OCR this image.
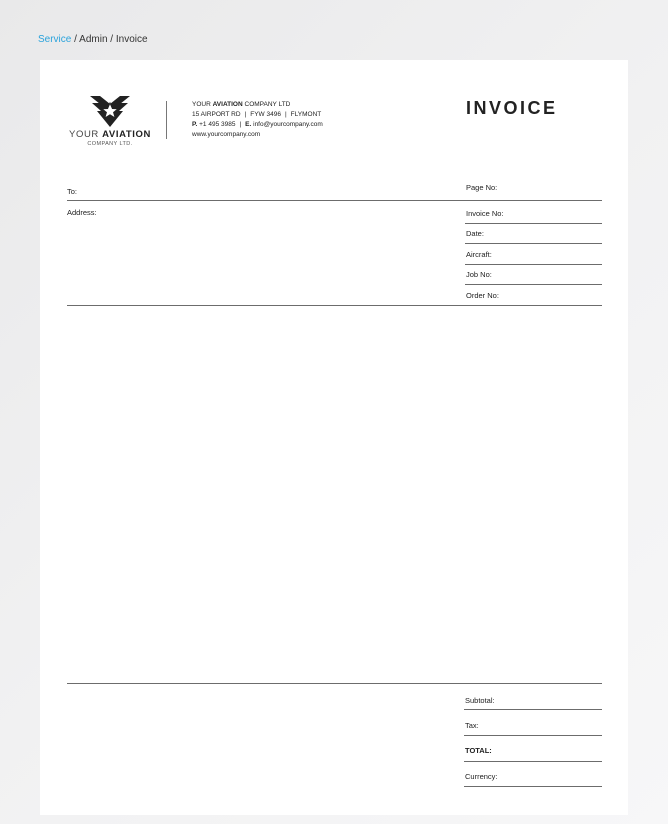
Service / Admin / Invoice
YOUR AVIATION
COMPANY LTD.
YOUR AVIATION COMPANY LTD
15 AIRPORT RD | FYW 3496 | FLYMONT
P. +1 495 3985 | E. info@yourcompany.com
www.yourcompany.com
INVOICE
To:	Page No:
Address:	Invoice No:
Date:
Aircraft:
Job No:
Order No:
Subtotal:
Tax:
TOTAL:
Currency:
